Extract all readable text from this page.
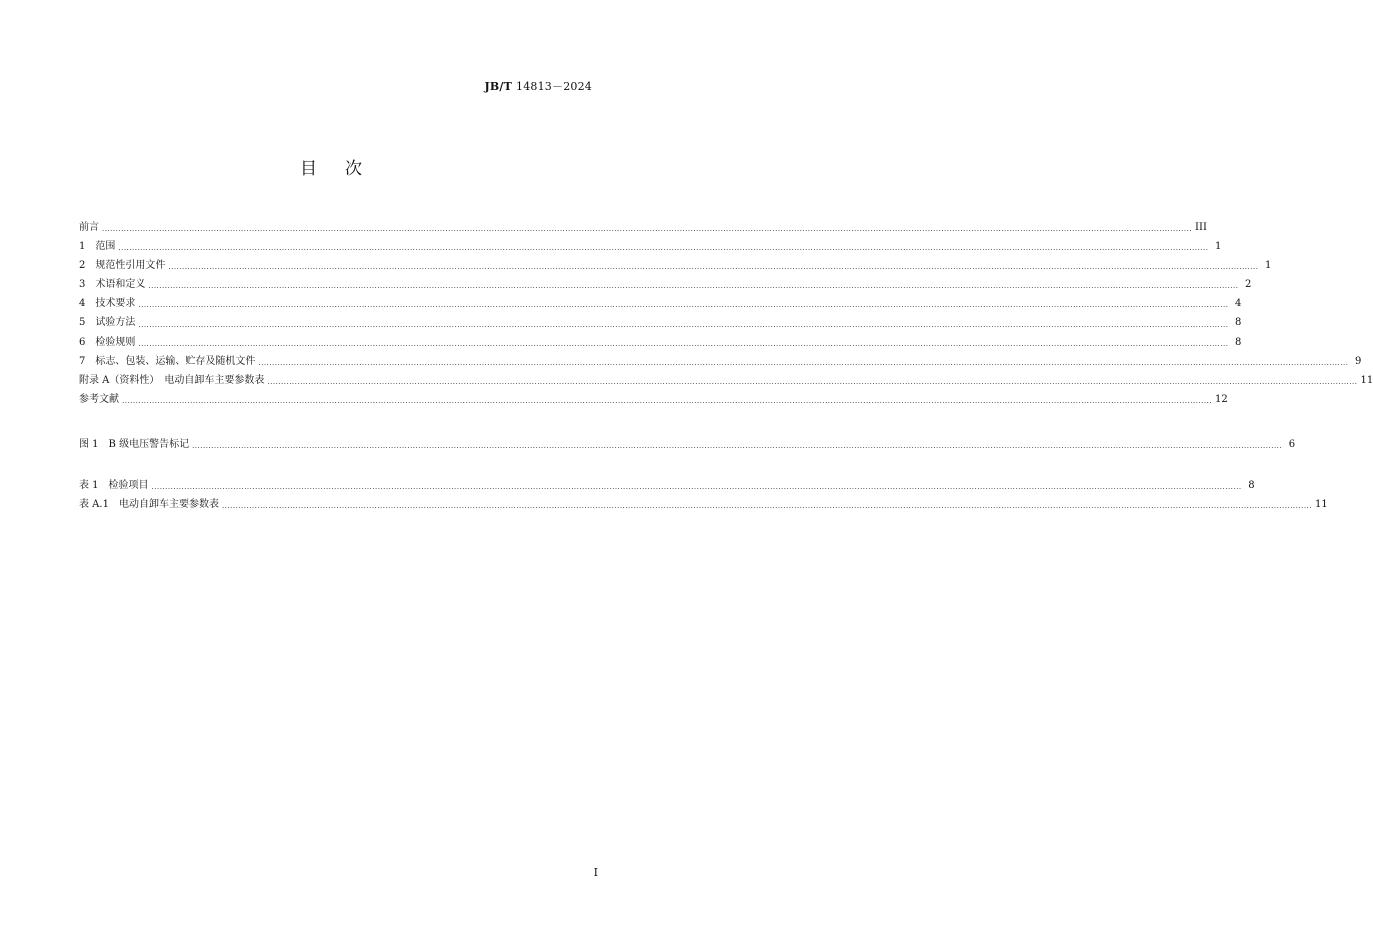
JB/T 14813－2024
目次
前言 ................................................................................................................................................................................................................................................................................................................................................................................................................ III
1　范围 ................................................................................................................................................................................................................................................................................................................................................................................................................ 1
2　规范性引用文件 ................................................................................................................................................................................................................................................................................................................................................................................................................ 1
3　术语和定义 ................................................................................................................................................................................................................................................................................................................................................................................................................ 2
4　技术要求 ................................................................................................................................................................................................................................................................................................................................................................................................................ 4
5　试验方法 ................................................................................................................................................................................................................................................................................................................................................................................................................ 8
6　检验规则 ................................................................................................................................................................................................................................................................................................................................................................................................................ 8
7　标志、包装、运输、贮存及随机文件 ................................................................................................................................................................................................................................................................................................................................................................................................................ 9
附录 A（资料性）　电动自卸车主要参数表 ................................................................................................................................................................................................................................................................................................................................................................................................................ 11
参考文献 ................................................................................................................................................................................................................................................................................................................................................................................................................ 12
图 1　B 级电压警告标记 ................................................................................................................................................................................................................................................................................................................................................................................................................ 6
表 1　检验项目 ................................................................................................................................................................................................................................................................................................................................................................................................................ 8
表 A.1　电动自卸车主要参数表 ................................................................................................................................................................................................................................................................................................................................................................................................................ 11
I
